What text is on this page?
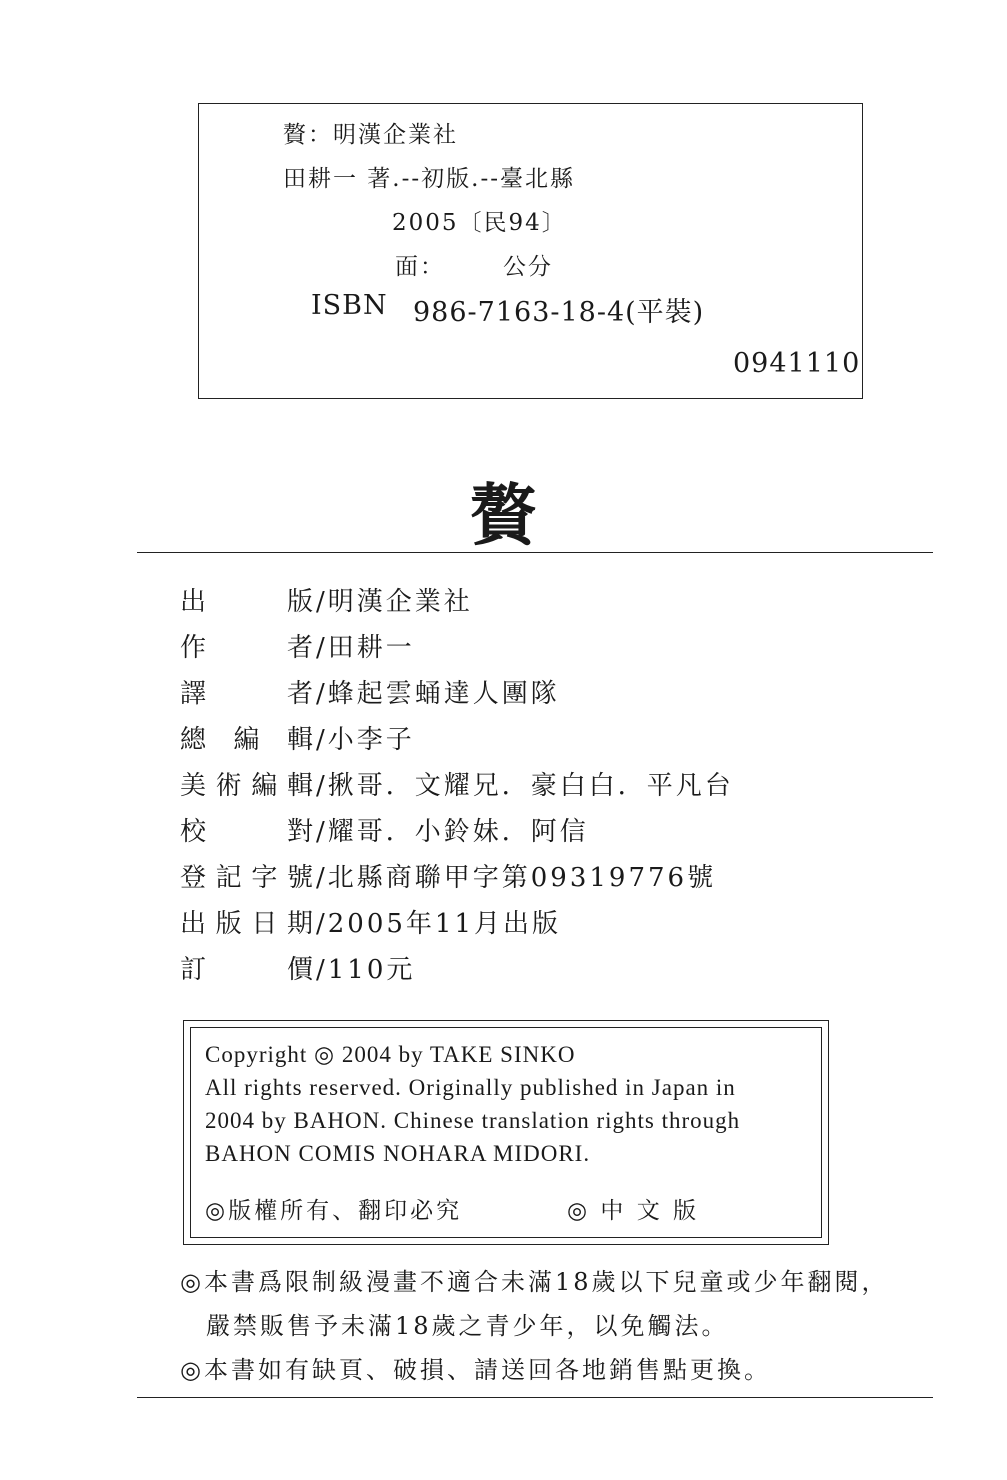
贅：明漢企業社
田耕一 著.--初版.--臺北縣
2005〔民94〕
面：	公分
ISBN 986-7163-18-4(平裝)
0941110
贅
出版/明漢企業社
作者/田耕一
譯者/蜂起雲蛹達人團隊
總編輯/小李子
美術編輯/揪哥．文耀兄．豪白白．平凡台
校對/耀哥．小鈴妹．阿信
登記字號/北縣商聯甲字第09319776號
出版日期/2005年11月出版
訂價/110元
Copyright ◎ 2004 by TAKE SINKO
All rights reserved. Originally published in Japan in
2004 by BAHON. Chinese translation rights through
BAHON COMIS NOHARA MIDORI.
◎版權所有、翻印必究	◎ 中 文 版
◎本書爲限制級漫畫不適合未滿18歲以下兒童或少年翻閱，
嚴禁販售予未滿18歲之青少年，以免觸法。
◎本書如有缺頁、破損、請送回各地銷售點更換。
